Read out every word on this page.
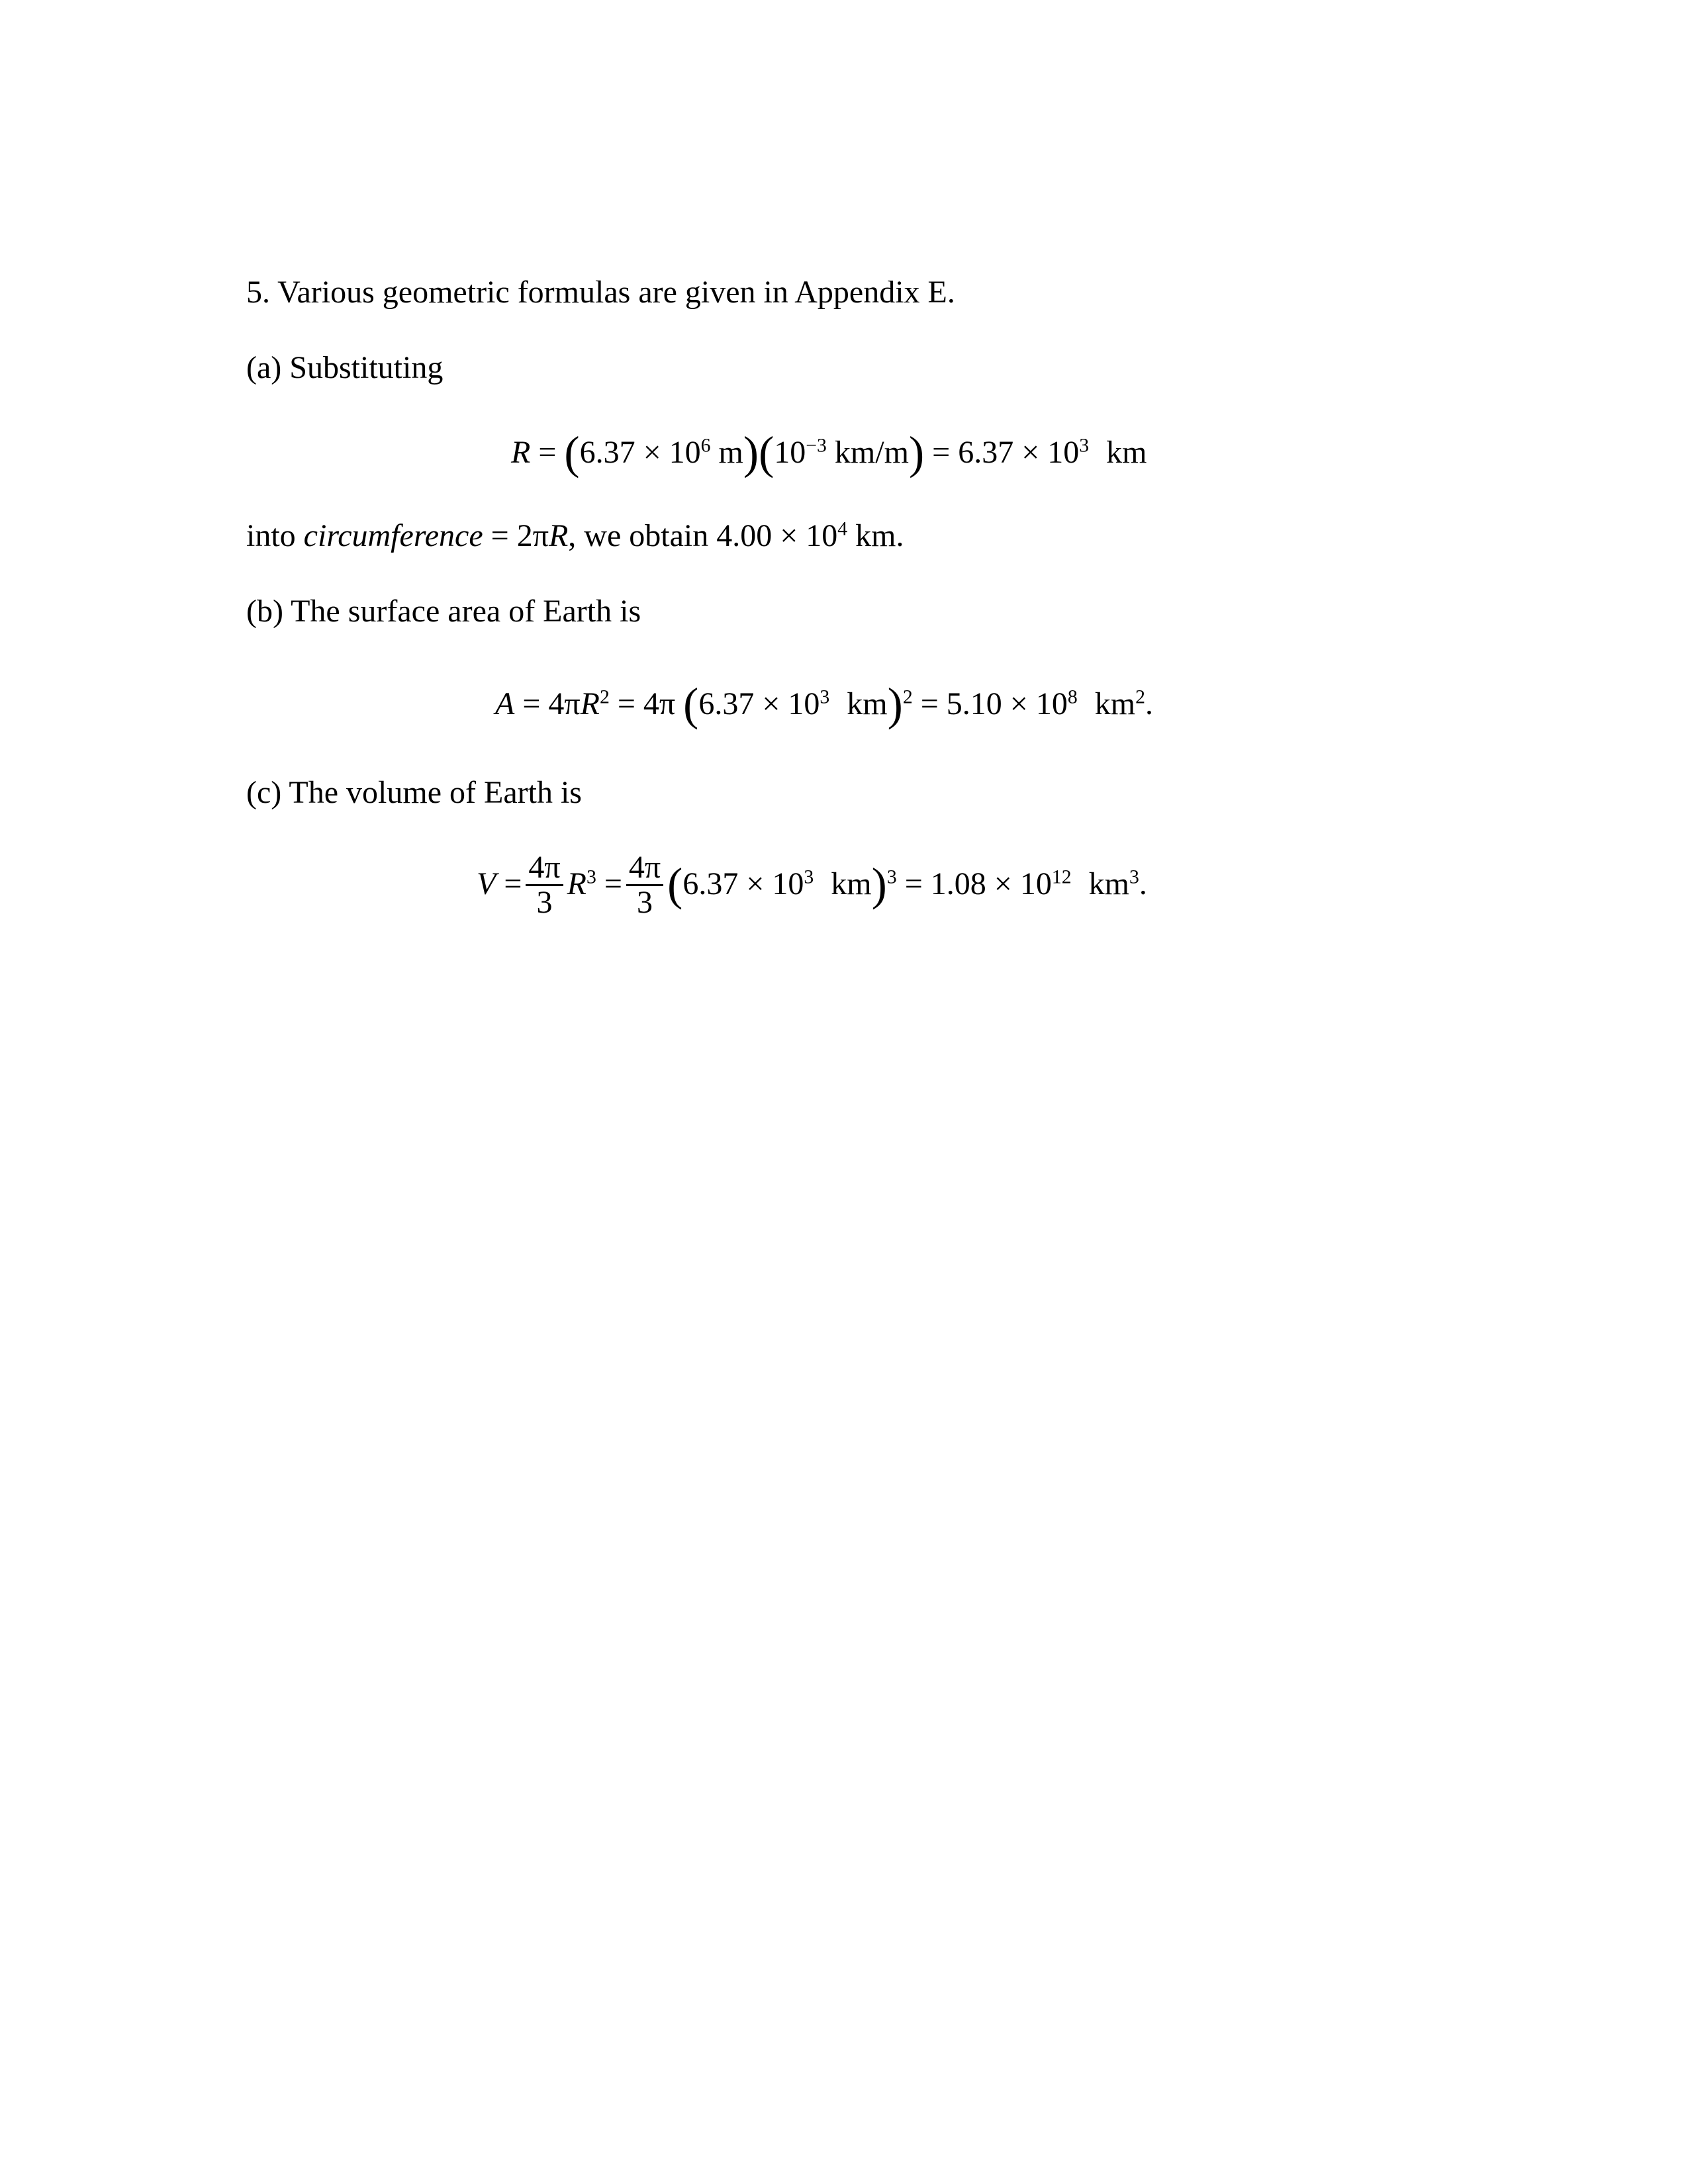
5. Various geometric formulas are given in Appendix E.
(a) Substituting
$R = (6.37 \times 10^6$ $m)(10^{-3}$ $km/m) = 6.37 \times 10^3$ km
into circumference = 2πR, we obtain $4.00 \times 10^4$ km.
(b) The surface area of Earth is
$A = 4\pi R^2 = 4\pi$ ($6.37 \times 10^3$ $km)^2 = 5.10 \times 10^8$ $km^2$.
(c) The volume of Earth is
$V = \frac{4\pi}{3} R^3 = \frac{4\pi}{3} (6.37 \times 10^3$ $km)^3 = 1.08 \times 10^{12}$ $km^3$.
